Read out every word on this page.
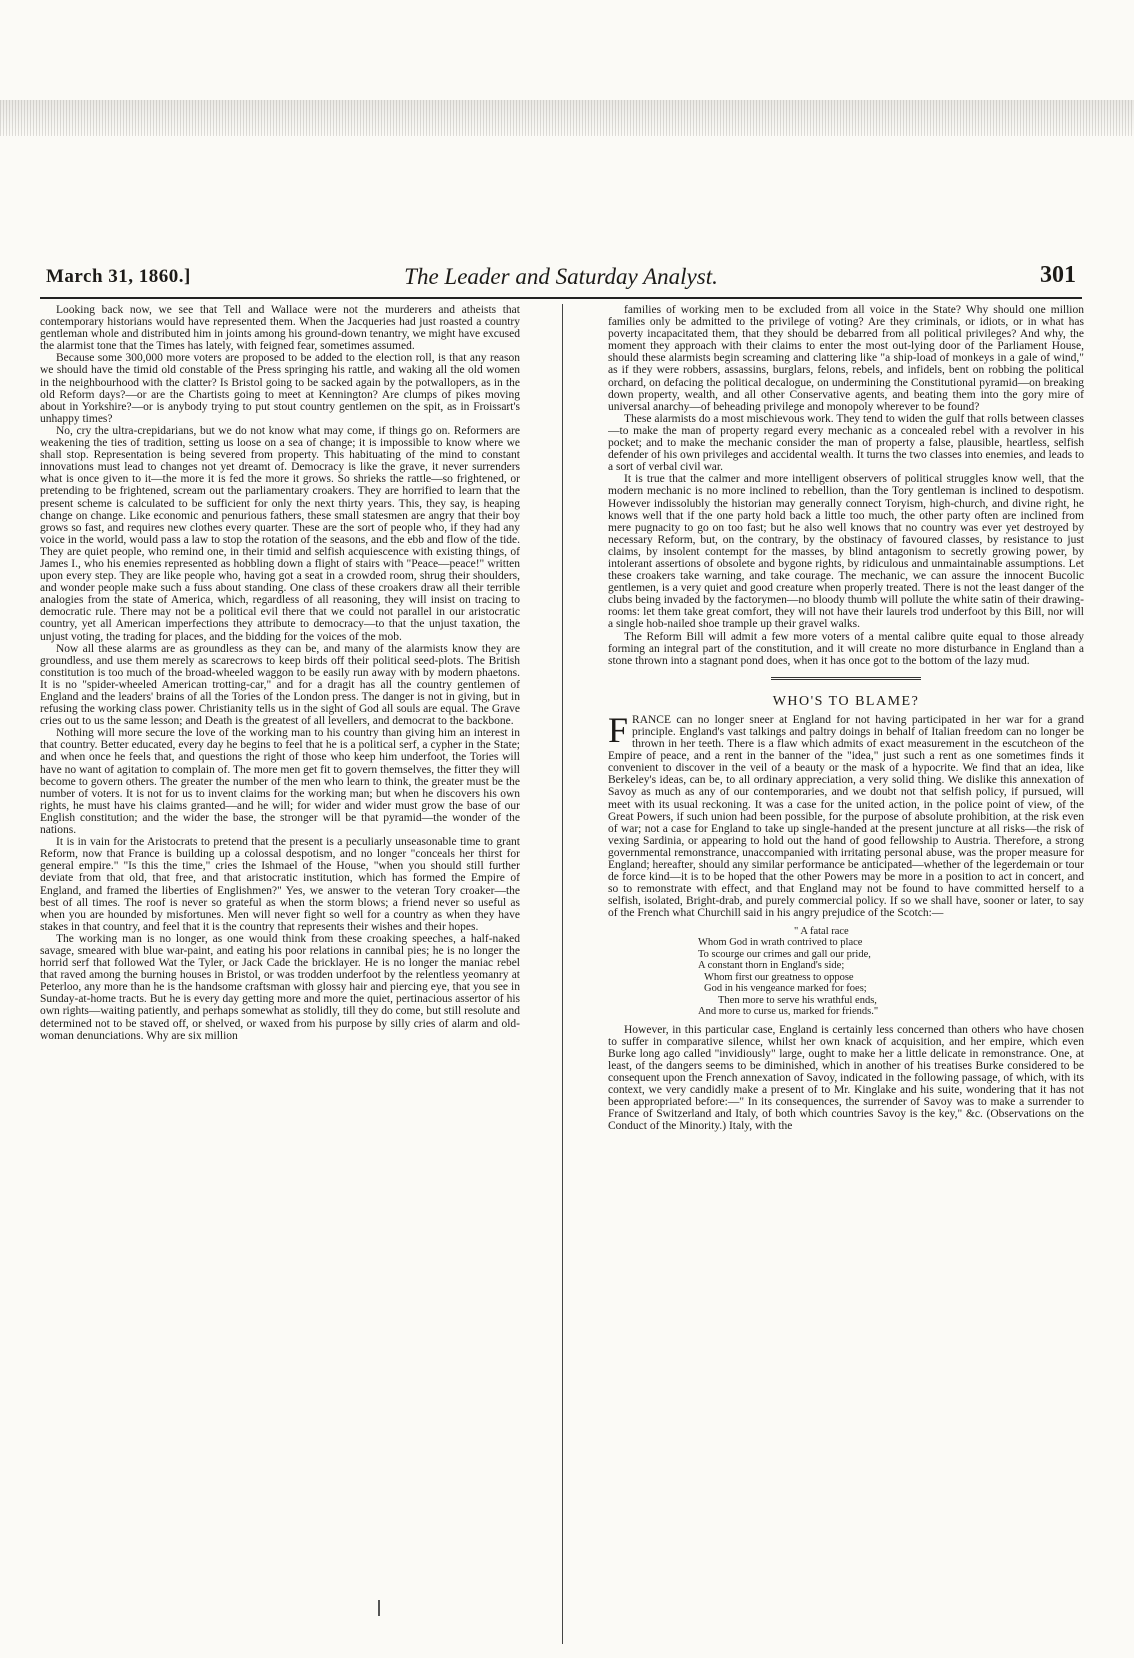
March 31, 1860.]	The Leader and Saturday Analyst.	301

Looking back now, we see that Tell and Wallace were not the murderers and atheists that contemporary historians would have represented them. When the Jacqueries had just roasted a country gentleman whole and distributed him in joints among his ground-down tenantry, we might have excused the alarmist tone that the Times has lately, with feigned fear, sometimes assumed.

Because some 300,000 more voters are proposed to be added to the election roll, is that any reason we should have the timid old constable of the Press springing his rattle, and waking all the old women in the neighbourhood with the clatter? Is Bristol going to be sacked again by the potwallopers, as in the old Reform days?—or are the Chartists going to meet at Kennington? Are clumps of pikes moving about in Yorkshire?—or is anybody trying to put stout country gentlemen on the spit, as in Froissart's unhappy times?

No, cry the ultra-crepidarians, but we do not know what may come, if things go on. Reformers are weakening the ties of tradition, setting us loose on a sea of change; it is impossible to know where we shall stop. Representation is being severed from property. This habituating of the mind to constant innovations must lead to changes not yet dreamt of. Democracy is like the grave, it never surrenders what is once given to it—the more it is fed the more it grows. So shrieks the rattle—so frightened, or pretending to be frightened, scream out the parliamentary croakers. They are horrified to learn that the present scheme is calculated to be sufficient for only the next thirty years. This, they say, is heaping change on change. Like economic and penurious fathers, these small statesmen are angry that their boy grows so fast, and requires new clothes every quarter. These are the sort of people who, if they had any voice in the world, would pass a law to stop the rotation of the seasons, and the ebb and flow of the tide. They are quiet people, who remind one, in their timid and selfish acquiescence with existing things, of James I., who his enemies represented as hobbling down a flight of stairs with "Peace—peace!" written upon every step. They are like people who, having got a seat in a crowded room, shrug their shoulders, and wonder people make such a fuss about standing. One class of these croakers draw all their terrible analogies from the state of America, which, regardless of all reasoning, they will insist on tracing to democratic rule. There may not be a political evil there that we could not parallel in our aristocratic country, yet all American imperfections they attribute to democracy—to that the unjust taxation, the unjust voting, the trading for places, and the bidding for the voices of the mob.

Now all these alarms are as groundless as they can be, and many of the alarmists know they are groundless, and use them merely as scarecrows to keep birds off their political seed-plots. The British constitution is too much of the broad-wheeled waggon to be easily run away with by modern phaetons. It is no "spider-wheeled American trotting-car," and for a dragit has all the country gentlemen of England and the leaders' brains of all the Tories of the London press. The danger is not in giving, but in refusing the working class power. Christianity tells us in the sight of God all souls are equal. The Grave cries out to us the same lesson; and Death is the greatest of all levellers, and democrat to the backbone.

Nothing will more secure the love of the working man to his country than giving him an interest in that country. Better educated, every day he begins to feel that he is a political serf, a cypher in the State; and when once he feels that, and questions the right of those who keep him underfoot, the Tories will have no want of agitation to complain of. The more men get fit to govern themselves, the fitter they will become to govern others. The greater the number of the men who learn to think, the greater must be the number of voters. It is not for us to invent claims for the working man; but when he discovers his own rights, he must have his claims granted—and he will; for wider and wider must grow the base of our English constitution; and the wider the base, the stronger will be that pyramid—the wonder of the nations.

It is in vain for the Aristocrats to pretend that the present is a peculiarly unseasonable time to grant Reform, now that France is building up a colossal despotism, and no longer "conceals her thirst for general empire." "Is this the time," cries the Ishmael of the House, "when you should still further deviate from that old, that free, and that aristocratic institution, which has formed the Empire of England, and framed the liberties of Englishmen?" Yes, we answer to the veteran Tory croaker—the best of all times. The roof is never so grateful as when the storm blows; a friend never so useful as when you are hounded by misfortunes. Men will never fight so well for a country as when they have stakes in that country, and feel that it is the country that represents their wishes and their hopes.

The working man is no longer, as one would think from these croaking speeches, a half-naked savage, smeared with blue war-paint, and eating his poor relations in cannibal pies; he is no longer the horrid serf that followed Wat the Tyler, or Jack Cade the bricklayer. He is no longer the maniac rebel that raved among the burning houses in Bristol, or was trodden underfoot by the relentless yeomanry at Peterloo, any more than he is the handsome craftsman with glossy hair and piercing eye, that you see in Sunday-at-home tracts. But he is every day getting more and more the quiet, pertinacious assertor of his own rights—waiting patiently, and perhaps somewhat as stolidly, till they do come, but still resolute and determined not to be staved off, or shelved, or waxed from his purpose by silly cries of alarm and old-woman denunciations. Why are six million

families of working men to be excluded from all voice in the State? Why should one million families only be admitted to the privilege of voting? Are they criminals, or idiots, or in what has poverty incapacitated them, that they should be debarred from all political privileges? And why, the moment they approach with their claims to enter the most out-lying door of the Parliament House, should these alarmists begin screaming and clattering like "a ship-load of monkeys in a gale of wind," as if they were robbers, assassins, burglars, felons, rebels, and infidels, bent on robbing the political orchard, on defacing the political decalogue, on undermining the Constitutional pyramid—on breaking down property, wealth, and all other Conservative agents, and beating them into the gory mire of universal anarchy—of beheading privilege and monopoly wherever to be found?

These alarmists do a most mischievous work. They tend to widen the gulf that rolls between classes—to make the man of property regard every mechanic as a concealed rebel with a revolver in his pocket; and to make the mechanic consider the man of property a false, plausible, heartless, selfish defender of his own privileges and accidental wealth. It turns the two classes into enemies, and leads to a sort of verbal civil war.

It is true that the calmer and more intelligent observers of political struggles know well, that the modern mechanic is no more inclined to rebellion, than the Tory gentleman is inclined to despotism. However indissolubly the historian may generally connect Toryism, high-church, and divine right, he knows well that if the one party hold back a little too much, the other party often are inclined from mere pugnacity to go on too fast; but he also well knows that no country was ever yet destroyed by necessary Reform, but, on the contrary, by the obstinacy of favoured classes, by resistance to just claims, by insolent contempt for the masses, by blind antagonism to secretly growing power, by intolerant assertions of obsolete and bygone rights, by ridiculous and unmaintainable assumptions. Let these croakers take warning, and take courage. The mechanic, we can assure the innocent Bucolic gentlemen, is a very quiet and good creature when properly treated. There is not the least danger of the clubs being invaded by the factorymen—no bloody thumb will pollute the white satin of their drawing-rooms: let them take great comfort, they will not have their laurels trod underfoot by this Bill, nor will a single hob-nailed shoe trample up their gravel walks.

The Reform Bill will admit a few more voters of a mental calibre quite equal to those already forming an integral part of the constitution, and it will create no more disturbance in England than a stone thrown into a stagnant pond does, when it has once got to the bottom of the lazy mud.

WHO'S TO BLAME?

FRANCE can no longer sneer at England for not having participated in her war for a grand principle. England's vast talkings and paltry doings in behalf of Italian freedom can no longer be thrown in her teeth. There is a flaw which admits of exact measurement in the escutcheon of the Empire of peace, and a rent in the banner of the "idea," just such a rent as one sometimes finds it convenient to discover in the veil of a beauty or the mask of a hypocrite. We find that an idea, like Berkeley's ideas, can be, to all ordinary appreciation, a very solid thing. We dislike this annexation of Savoy as much as any of our contemporaries, and we doubt not that selfish policy, if pursued, will meet with its usual reckoning. It was a case for the united action, in the police point of view, of the Great Powers, if such union had been possible, for the purpose of absolute prohibition, at the risk even of war; not a case for England to take up single-handed at the present juncture at all risks—the risk of vexing Sardinia, or appearing to hold out the hand of good fellowship to Austria. Therefore, a strong governmental remonstrance, unaccompanied with irritating personal abuse, was the proper measure for England; hereafter, should any similar performance be anticipated—whether of the legerdemain or tour de force kind—it is to be hoped that the other Powers may be more in a position to act in concert, and so to remonstrate with effect, and that England may not be found to have committed herself to a selfish, isolated, Bright-drab, and purely commercial policy. If so we shall have, sooner or later, to say of the French what Churchill said in his angry prejudice of the Scotch:—

" A fatal race
Whom God in wrath contrived to place
To scourge our crimes and gall our pride,
A constant thorn in England's side;
Whom first our greatness to oppose
God in his vengeance marked for foes;
Then more to serve his wrathful ends,
And more to curse us, marked for friends."

However, in this particular case, England is certainly less concerned than others who have chosen to suffer in comparative silence, whilst her own knack of acquisition, and her empire, which even Burke long ago called "invidiously" large, ought to make her a little delicate in remonstrance. One, at least, of the dangers seems to be diminished, which in another of his treatises Burke considered to be consequent upon the French annexation of Savoy, indicated in the following passage, of which, with its context, we very candidly make a present of to Mr. Kinglake and his suite, wondering that it has not been appropriated before:—" In its consequences, the surrender of Savoy was to make a surrender to France of Switzerland and Italy, of both which countries Savoy is the key," &c. (Observations on the Conduct of the Minority.) Italy, with the
